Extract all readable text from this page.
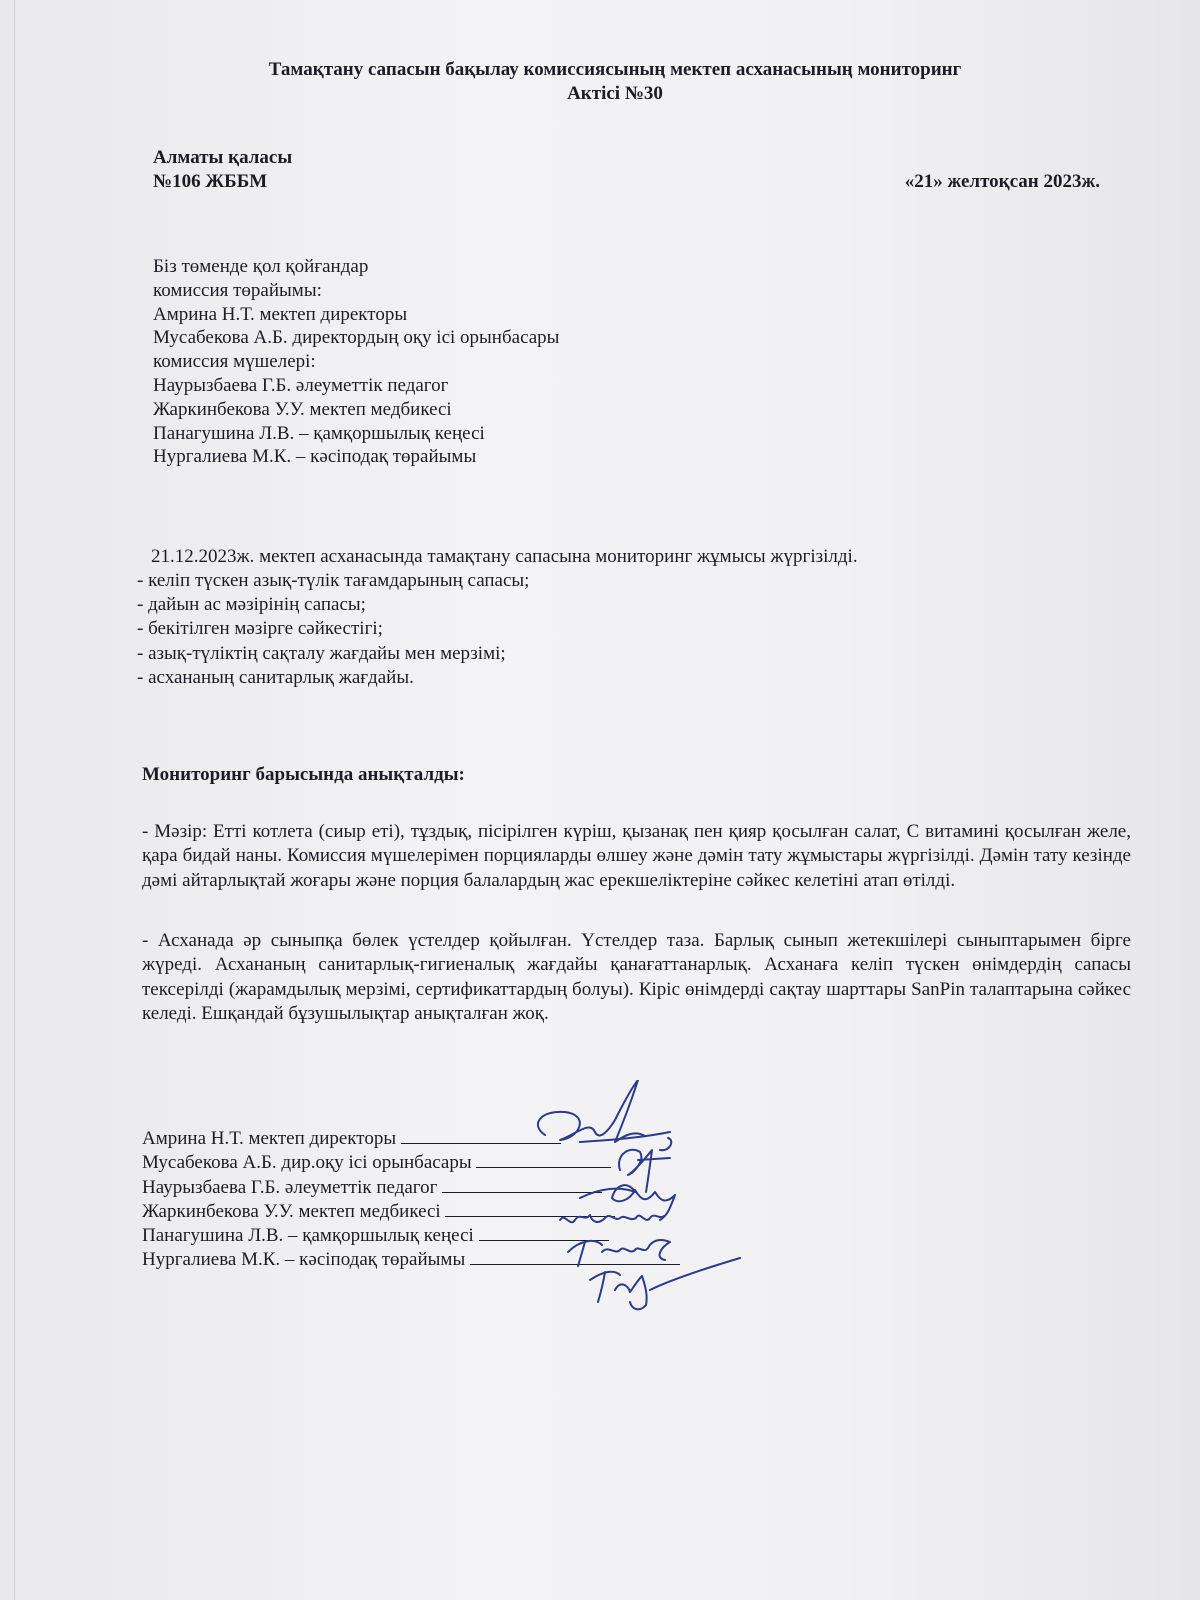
Тамақтану сапасын бақылау комиссиясының мектеп асханасының мониторинг
Актісі №30
Алматы қаласы
№106 ЖББМ	«21» желтоқсан 2023ж.
Біз төменде қол қойғандар
комиссия төрайымы:
Амрина Н.Т. мектеп директоры
Мусабекова А.Б. директордың оқу ісі орынбасары
комиссия мүшелері:
Наурызбаева Г.Б. әлеуметтік педагог
Жаркинбекова У.У. мектеп медбикесі
Панагушина Л.В. – қамқоршылық кеңесі
Нургалиева М.К. – кәсіподақ төрайымы
21.12.2023ж. мектеп асханасында тамақтану сапасына мониторинг жұмысы жүргізілді.
- келіп түскен азық-түлік тағамдарының сапасы;
- дайын ас мәзірінің сапасы;
- бекітілген мәзірге сәйкестігі;
- азық-түліктің сақталу жағдайы мен мерзімі;
- асхананың санитарлық жағдайы.
Мониторинг барысында анықталды:

- Мәзір: Етті котлета (сиыр еті), тұздық, пісірілген күріш, қызанақ пен қияр қосылған салат, С витамині қосылған желе, қара бидай наны. Комиссия мүшелерімен порцияларды өлшеу және дәмін тату жұмыстары жүргізілді. Дәмін тату кезінде дәмі айтарлықтай жоғары және порция балалардың жас ерекшеліктеріне сәйкес келетіні атап өтілді.

- Асханада әр сыныпқа бөлек үстелдер қойылған. Үстелдер таза. Барлық сынып жетекшілері сыныптарымен бірге жүреді. Асхананың санитарлық-гигиеналық жағдайы қанағаттанарлық. Асханаға келіп түскен өнімдердің сапасы тексерілді (жарамдылық мерзімі, сертификаттардың болуы). Кіріс өнімдерді сақтау шарттары SanPin талаптарына сәйкес келеді. Ешқандай бұзушылықтар анықталған жоқ.

Амрина Н.Т. мектеп директоры
Мусабекова А.Б. дир.оқу ісі орынбасары
Наурызбаева Г.Б. әлеуметтік педагог
Жаркинбекова У.У. мектеп медбикесі
Панагушина Л.В. – қамқоршылық кеңесі
Нургалиева М.К. – кәсіподақ төрайымы
